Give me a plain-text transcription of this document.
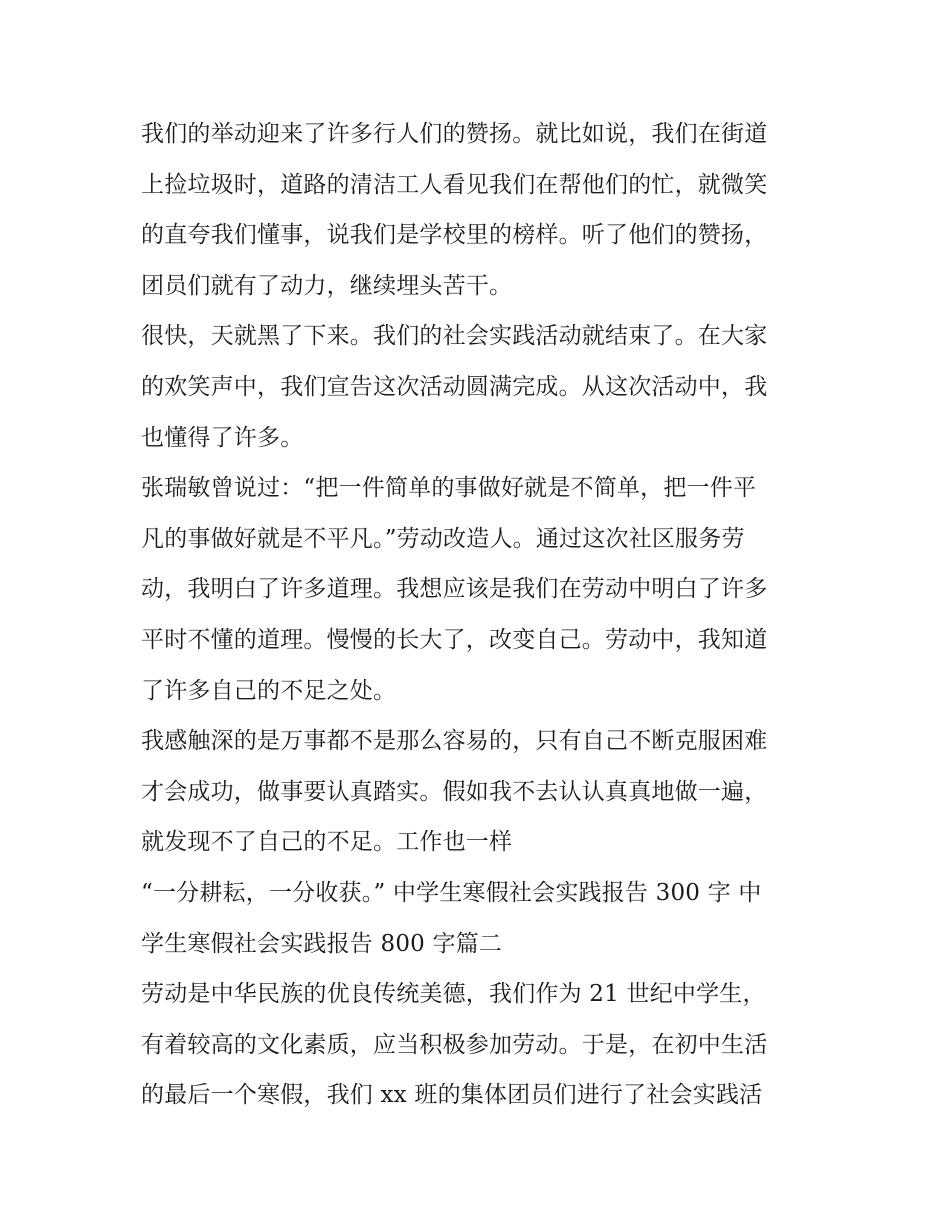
我们的举动迎来了许多行人们的赞扬。就比如说，我们在街道
上捡垃圾时，道路的清洁工人看见我们在帮他们的忙，就微笑
的直夸我们懂事，说我们是学校里的榜样。听了他们的赞扬，
团员们就有了动力，继续埋头苦干。
很快，天就黑了下来。我们的社会实践活动就结束了。在大家
的欢笑声中，我们宣告这次活动圆满完成。从这次活动中，我
也懂得了许多。
张瑞敏曾说过：“把一件简单的事做好就是不简单，把一件平
凡的事做好就是不平凡。”劳动改造人。通过这次社区服务劳
动，我明白了许多道理。我想应该是我们在劳动中明白了许多
平时不懂的道理。慢慢的长大了，改变自己。劳动中，我知道
了许多自己的不足之处。
我感触深的是万事都不是那么容易的，只有自己不断克服困难
才会成功，做事要认真踏实。假如我不去认认真真地做一遍，
就发现不了自己的不足。工作也一样
“一分耕耘，一分收获。” 中学生寒假社会实践报告 300 字 中
学生寒假社会实践报告 800 字篇二
劳动是中华民族的优良传统美德，我们作为 21 世纪中学生，
有着较高的文化素质，应当积极参加劳动。于是，在初中生活
的最后一个寒假，我们 xx 班的集体团员们进行了社会实践活
